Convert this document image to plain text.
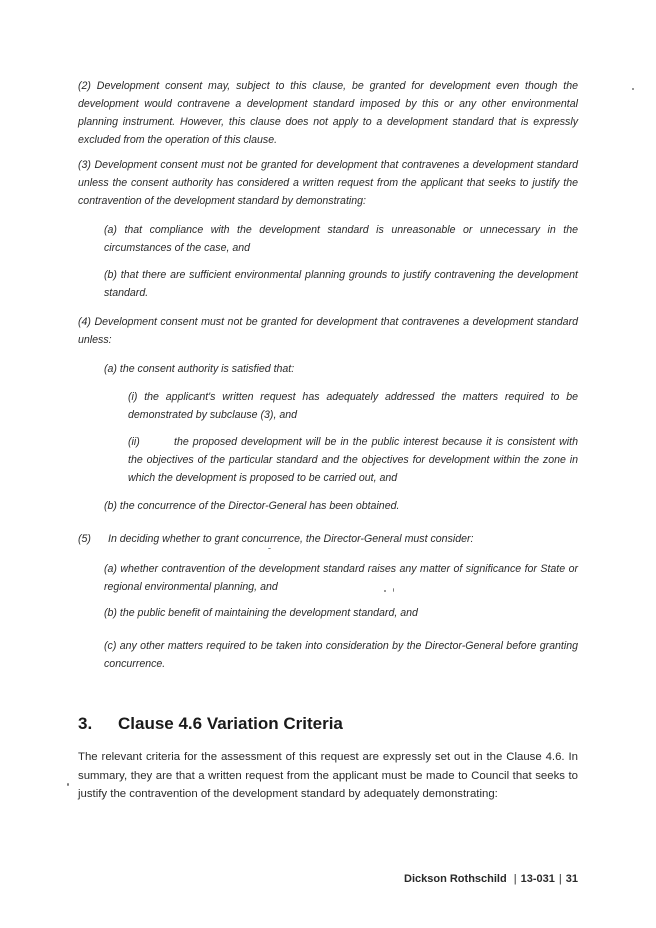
(2) Development consent may, subject to this clause, be granted for development even though the development would contravene a development standard imposed by this or any other environmental planning instrument. However, this clause does not apply to a development standard that is expressly excluded from the operation of this clause.

(3) Development consent must not be granted for development that contravenes a development standard unless the consent authority has considered a written request from the applicant that seeks to justify the contravention of the development standard by demonstrating:

(a) that compliance with the development standard is unreasonable or unnecessary in the circumstances of the case, and

(b) that there are sufficient environmental planning grounds to justify contravening the development standard.

(4) Development consent must not be granted for development that contravenes a development standard unless:

(a) the consent authority is satisfied that:

(i) the applicant's written request has adequately addressed the matters required to be demonstrated by subclause (3), and

(ii)	the proposed development will be in the public interest because it is consistent with the objectives of the particular standard and the objectives for development within the zone in which the development is proposed to be carried out, and

(b) the concurrence of the Director-General has been obtained.

(5) In deciding whether to grant concurrence, the Director-General must consider:

(a) whether contravention of the development standard raises any matter of significance for State or regional environmental planning, and

(b) the public benefit of maintaining the development standard, and

(c) any other matters required to be taken into consideration by the Director-General before granting concurrence.

3. Clause 4.6 Variation Criteria

The relevant criteria for the assessment of this request are expressly set out in the Clause 4.6. In summary, they are that a written request from the applicant must be made to Council that seeks to justify the contravention of the development standard by adequately demonstrating:

Dickson Rothschild | 13-031 | 31
